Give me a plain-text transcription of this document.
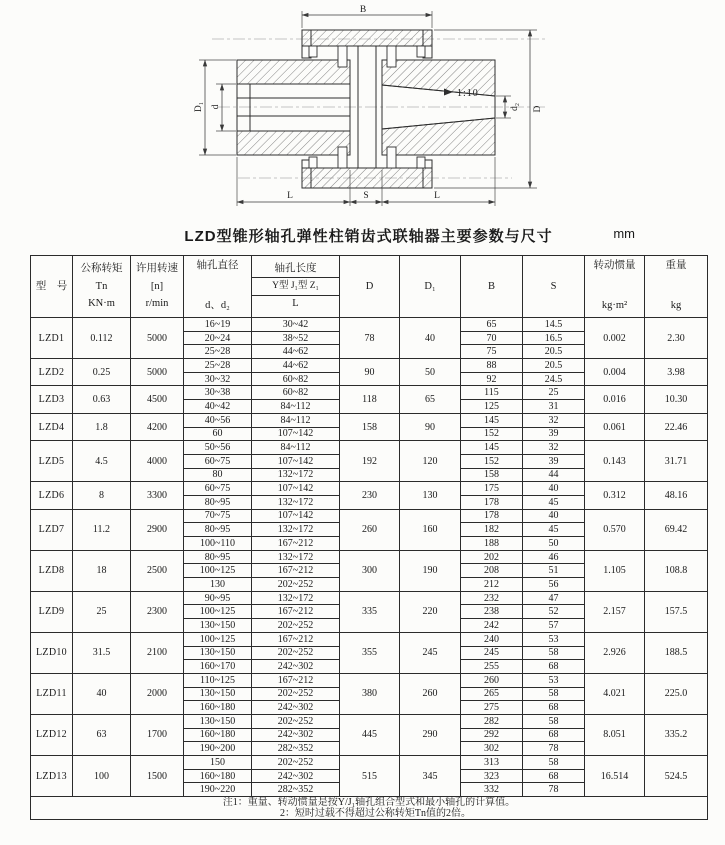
1:10
B
D
D₁ d	d₂
L	S	L
LZD型锥形轴孔弹性柱销齿式联轴器主要参数与尺寸	mm
型　号	
公称转矩
Tn
KN·m

许用转速
[n]
r/min

轴孔直径
d、d₂

轴孔长度
Y型 J₁型 Z₁
L
	D	D₁	B	S	
转动惯量
kg·m²

重量
kg

LZD1	0.112	5000	16~19	30~42	78	40	65	14.5	0.002	2.30
			20~24	38~52			70	16.5		
			25~28	44~62			75	20.5		
LZD2	0.25	5000	25~28	44~62	90	50	88	20.5	0.004	3.98
			30~32	60~82			92	24.5		
LZD3	0.63	4500	30~38	60~82	118	65	115	25	0.016	10.30
			40~42	84~112			125	31		
LZD4	1.8	4200	40~56	84~112	158	90	145	32	0.061	22.46
			60	107~142			152	39		
LZD5	4.5	4000	50~56	84~112	192	120	145	32	0.143	31.71
			60~75	107~142			152	39		
			80	132~172			158	44		
LZD6	8	3300	60~75	107~142	230	130	175	40	0.312	48.16
			80~95	132~172			178	45		
LZD7	11.2	2900	70~75	107~142	260	160	178	40	0.570	69.42
			80~95	132~172			182	45		
			100~110	167~212			188	50		
LZD8	18	2500	80~95	132~172	300	190	202	46	1.105	108.8
			100~125	167~212			208	51		
			130	202~252			212	56		
LZD9	25	2300	90~95	132~172	335	220	232	47	2.157	157.5
			100~125	167~212			238	52		
			130~150	202~252			242	57		
LZD10	31.5	2100	100~125	167~212	355	245	240	53	2.926	188.5
			130~150	202~252			245	58		
			160~170	242~302			255	68		
LZD11	40	2000	110~125	167~212	380	260	260	53	4.021	225.0
			130~150	202~252			265	58		
			160~180	242~302			275	68		
LZD12	63	1700	130~150	202~252	445	290	282	58	8.051	335.2
			160~180	242~302			292	68		
			190~200	282~352			302	78		
LZD13	100	1500	150	202~252	515	345	313	58	16.514	524.5
			160~180	242~302			323	68		
			190~220	282~352			332	78		

注1：重量、转动惯量是按Y/J₁轴孔组合型式和最小轴孔的计算值。
2：短时过载不得超过公称转矩Tn值的2倍。										
